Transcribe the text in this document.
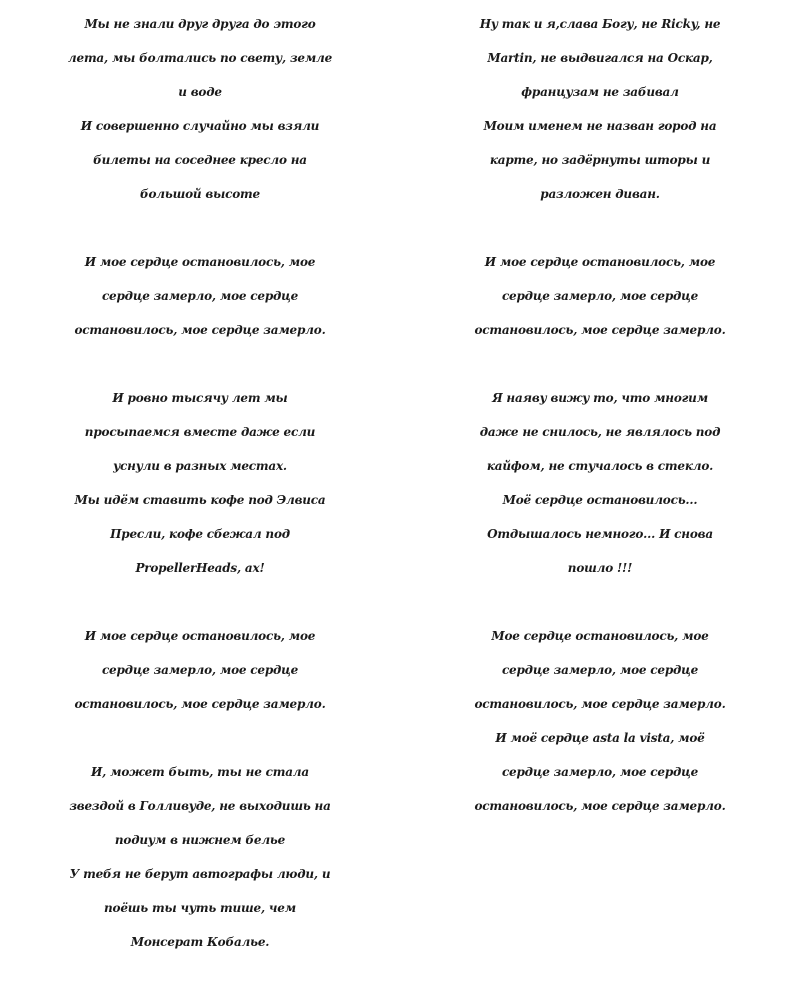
Мы не знали друг друга до этого
лета, мы болтались по свету, земле
и воде
И совершенно случайно мы взяли
билеты на соседнее кресло на
большой высоте
И мое сердце остановилось, мое
сердце замерло, мое сердце
остановилось, мое сердце замерло.
И ровно тысячу лет мы
просыпаемся вместе даже если
уснули в разных местах.
Мы идём ставить кофе под Элвиса
Пресли, кофе сбежал под
PropellerHeads, ах!
И мое сердце остановилось, мое
сердце замерло, мое сердце
остановилось, мое сердце замерло.
И, может быть, ты не стала
звездой в Голливуде, не выходишь на
подиум в нижнем белье
У тебя не берут автографы люди, и
поёшь ты чуть тише, чем
Монсерат Кобалье.
Ну так и я,слава Богу, не Ricky, не
Martin, не выдвигался на Оскар,
французам не забивал
Моим именем не назван город на
карте, но задёрнуты шторы и
разложен диван.
И мое сердце остановилось, мое
сердце замерло, мое сердце
остановилось, мое сердце замерло.
Я наяву вижу то, что многим
даже не снилось, не являлось под
кайфом, не стучалось в стекло.
Моё сердце остановилось...
Отдышалось немного... И снова
пошло !!!
Мое сердце остановилось, мое
сердце замерло, мое сердце
остановилось, мое сердце замерло.
И моё сердце asta la vista, моё
сердце замерло, мое сердце
остановилось, мое сердце замерло.
